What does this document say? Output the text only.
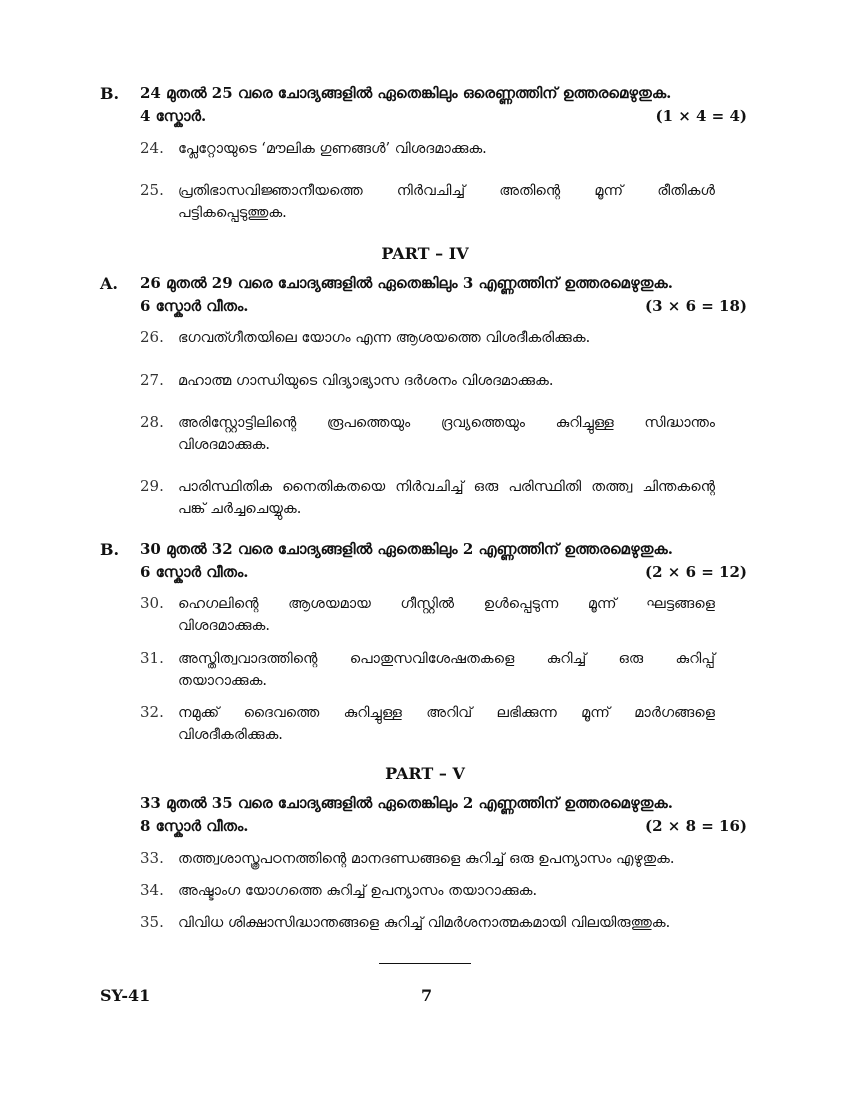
B. 24 മുതൽ 25 വരെ ചോദ്യങ്ങളിൽ ഏതെങ്കിലും ഒരെണ്ണത്തിന് ഉത്തരമെഴുതുക.
4 സ്കോർ.	(1 × 4 = 4)
24. പ്ലേറ്റോയുടെ ‘മൗലിക ഗുണങ്ങൾ’ വിശദമാക്കുക.
25. പ്രതിഭാസവിജ്ഞാനീയത്തെ നിർവചിച്ച് അതിന്റെ മൂന്ന് രീതികൾ
പട്ടികപ്പെടുത്തുക.
PART – IV
A. 26 മുതൽ 29 വരെ ചോദ്യങ്ങളിൽ ഏതെങ്കിലും 3 എണ്ണത്തിന് ഉത്തരമെഴുതുക.
6 സ്കോർ വീതം.	(3 × 6 = 18)
26. ഭഗവത്ഗീതയിലെ യോഗം എന്ന ആശയത്തെ വിശദീകരിക്കുക.
27. മഹാത്മ ഗാന്ധിയുടെ വിദ്യാഭ്യാസ ദർശനം വിശദമാക്കുക.
28. അരിസ്റ്റോട്ടിലിന്റെ രൂപത്തെയും ദ്രവ്യത്തെയും കുറിച്ചുള്ള സിദ്ധാന്തം
വിശദമാക്കുക.
29. പാരിസ്ഥിതിക നൈതികതയെ നിർവചിച്ച് ഒരു പരിസ്ഥിതി തത്ത്വ ചിന്തകന്റെ
പങ്ക് ചർച്ചചെയ്യുക.
B. 30 മുതൽ 32 വരെ ചോദ്യങ്ങളിൽ ഏതെങ്കിലും 2 എണ്ണത്തിന് ഉത്തരമെഴുതുക.
6 സ്കോർ വീതം.	(2 × 6 = 12)
30. ഹെഗലിന്റെ ആശയമായ ഗീസ്റ്റിൽ ഉൾപ്പെടുന്ന മൂന്ന് ഘട്ടങ്ങളെ
വിശദമാക്കുക.
31. അസ്തിത്വവാദത്തിന്റെ പൊതുസവിശേഷതകളെ കുറിച്ച് ഒരു കുറിപ്പ്
തയാറാക്കുക.
32. നമുക്ക് ദൈവത്തെ കുറിച്ചുള്ള അറിവ് ലഭിക്കുന്ന മൂന്ന് മാർഗങ്ങളെ
വിശദീകരിക്കുക.
PART – V
33 മുതൽ 35 വരെ ചോദ്യങ്ങളിൽ ഏതെങ്കിലും 2 എണ്ണത്തിന് ഉത്തരമെഴുതുക.
8 സ്കോർ വീതം.	(2 × 8 = 16)
33. തത്ത്വശാസ്ത്രപഠനത്തിന്റെ മാനദണ്ഡങ്ങളെ കുറിച്ച് ഒരു ഉപന്യാസം എഴുതുക.
34. അഷ്ടാംഗ യോഗത്തെ കുറിച്ച് ഉപന്യാസം തയാറാക്കുക.
35. വിവിധ ശിക്ഷാസിദ്ധാന്തങ്ങളെ കുറിച്ച് വിമർശനാത്മകമായി വിലയിരുത്തുക.
SY-41	7
